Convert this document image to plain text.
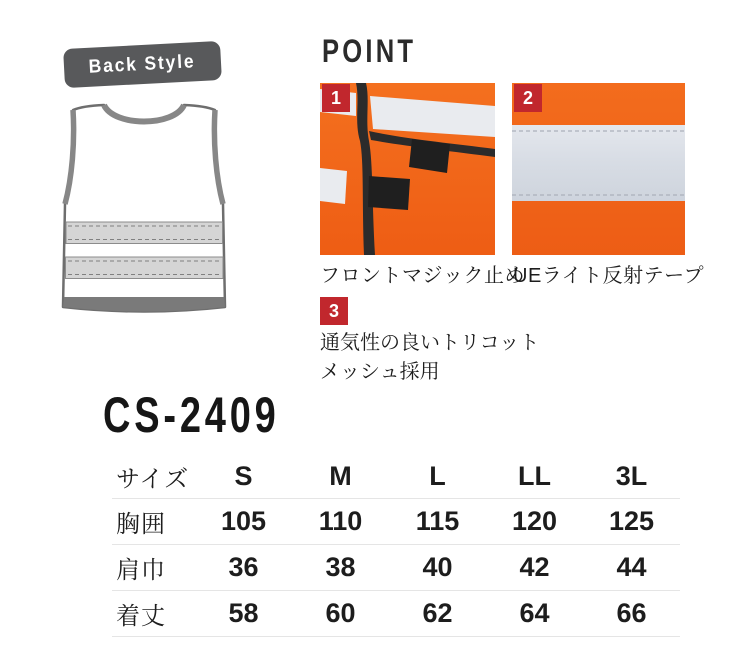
Back Style	POINT
1	2
フロントマジック止め
UEライト反射テープ
3
通気性の良いトリコット
メッシュ採用
CS-2409
サイズ	S	M	L	LL	3L
胸囲	105	110	115	120	125
肩巾	36	38	40	42	44
着丈	58	60	62	64	66
